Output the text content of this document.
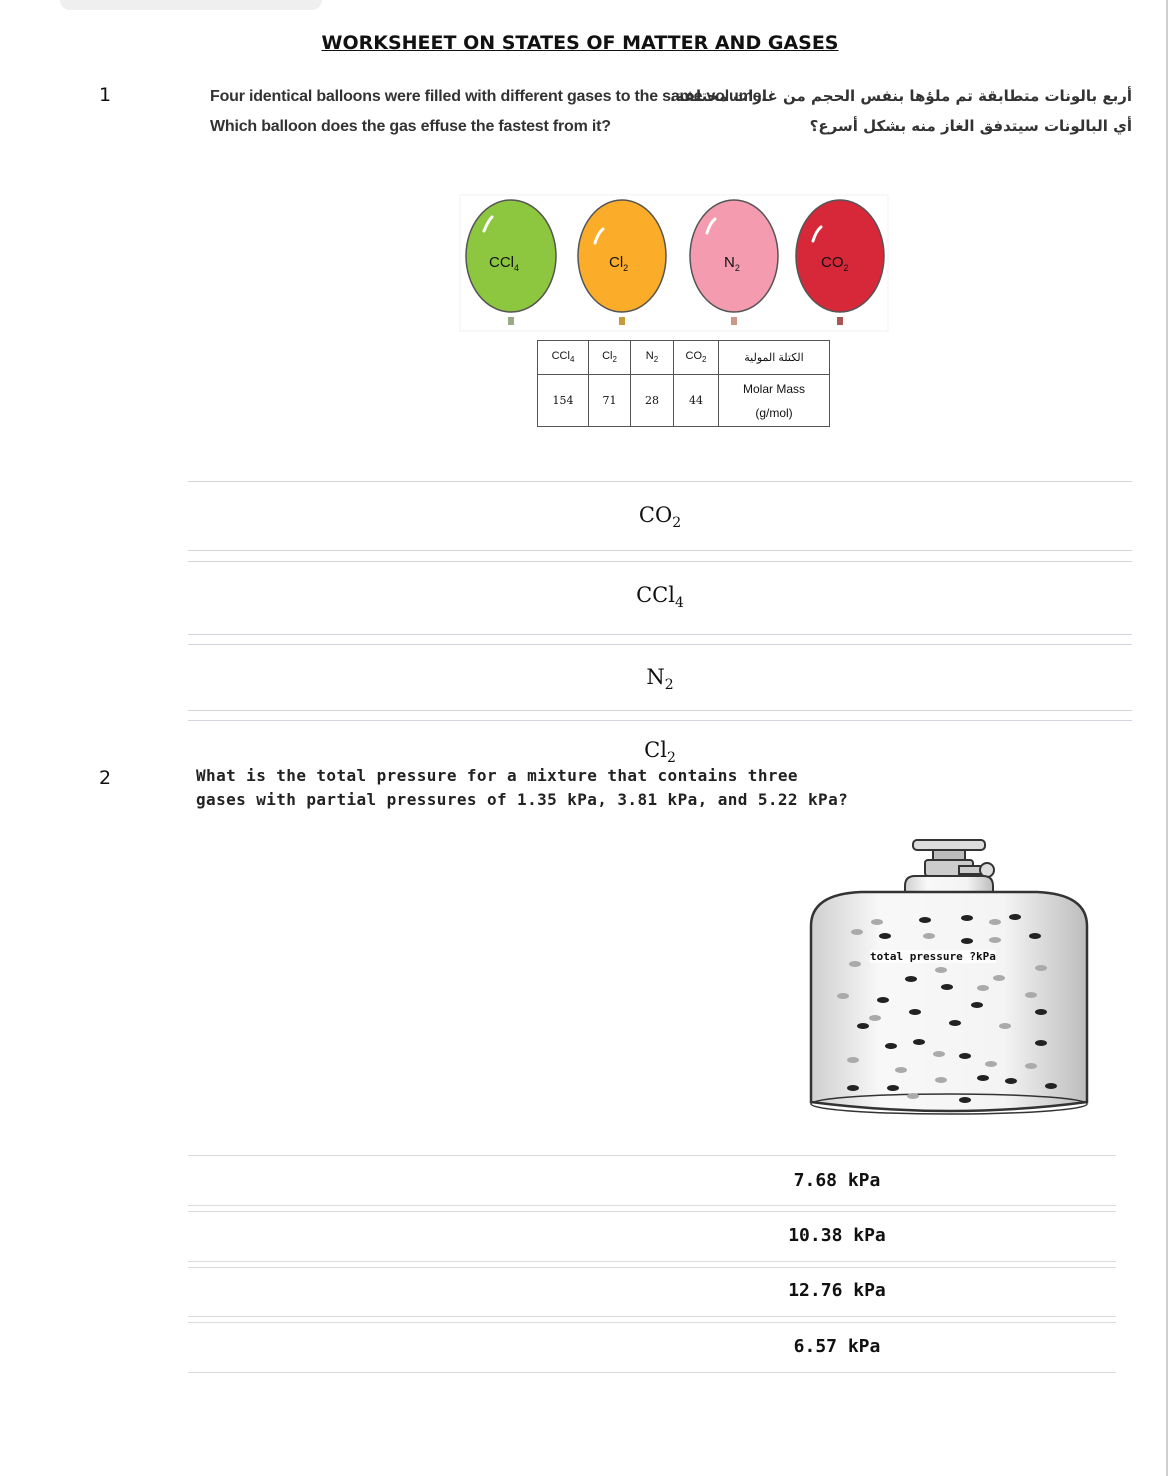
WORKSHEET ON STATES OF MATTER AND GASES
1	Four identical balloons were filled with different gases to the same volume.
Which balloon does the gas effuse the fastest from it?
أربع بالونات متطابقة تم ملؤها بنفس الحجم من غازات مختلفة.
أي البالونات سيتدفق الغاز منه بشكل أسرع؟
CCl$_4$	$Cl_2$	$N_2$	$CO_2$
CCl$_4$	$Cl_2$	$N_2$	$CO_2$	الكتلة المولية
154	71	28	44	Molar Mass
(g/mol)
$CO_2$
CCl$_4$
$N_2$
$Cl_2$
2	What is the total pressure for a mixture that contains three
gases with partial pressures of 1.35 kPa, 3.81 kPa, and 5.22 kPa?
total pressure ?kPa
7.68 kPa
10.38 kPa
12.76 kPa
6.57 kPa
